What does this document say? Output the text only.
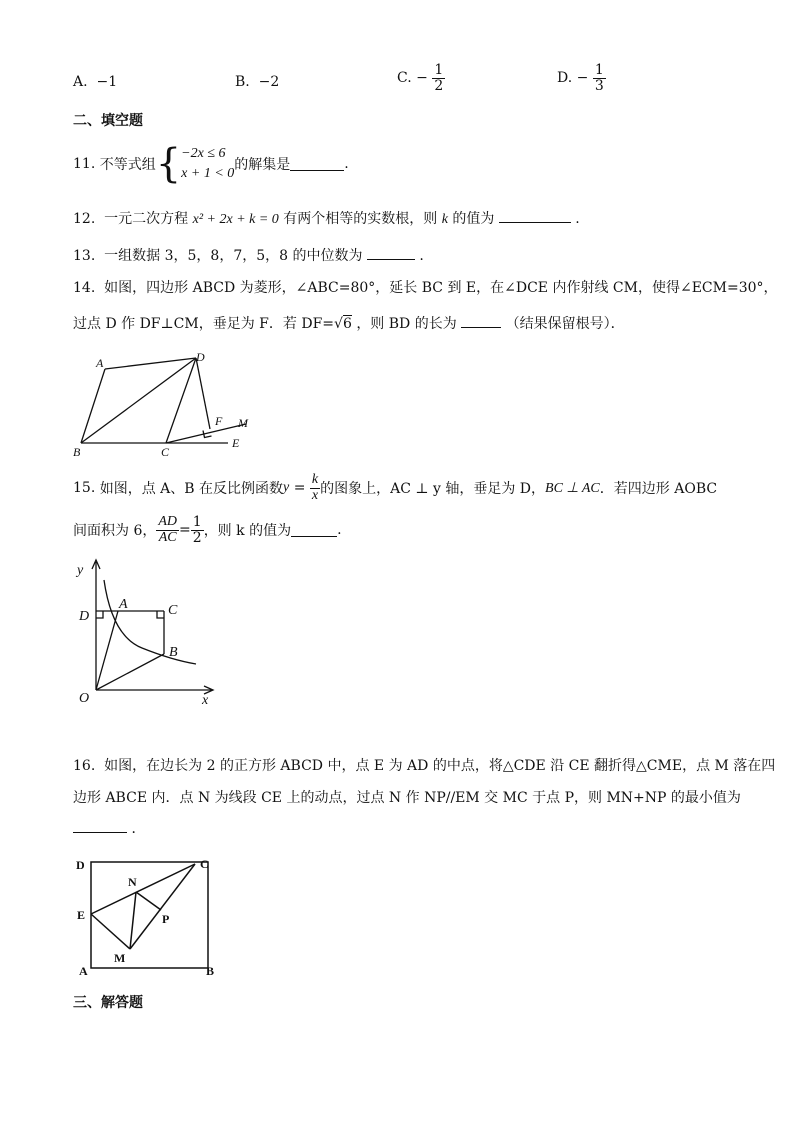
A. −1	B. −2	C. − $\frac{1}{2}$	D. − $\frac{1}{3}$
二、填空题
11.
不等式组 { −2x ≤ 6
x + 1 < 0
的解集是	.
12. 一元二次方程 x² + 2x + k = 0 有两个相等的实数根，则 k 的值为	.
13. 一组数据 3，5，8，7，5，8 的中位数为	.
14. 如图，四边形 ABCD 为菱形，∠ABC=80°，延长 BC 到 E，在∠DCE 内作射线 CM，使得∠ECM=30°，
过点 D 作 DF⊥CM，垂足为 F．若 DF=√6 ，则 BD 的长为	（结果保留根号）．
A	D
B	C
F M
E
15.
如图，点 A、B 在反比例函数 $y = \frac{k}{x}$ 的图象上， AC ⊥ y 轴，垂足为 D， BC ⊥ AC ．若四边形 AOBC
间面积为 6， $\frac{AD}{AC} = \frac{1}{2}$ ，则 k 的值为	.
y
x
O
D
A	C
B
16. 如图，在边长为 2 的正方形 ABCD 中，点 E 为 AD 的中点，将△CDE 沿 CE 翻折得△CME，点 M 落在四
边形 ABCE 内．点 N 为线段 CE 上的动点，过点 N 作 NP//EM 交 MC 于点 P，则 MN+NP 的最小值为
．
D	C
N
E	P
M
A	B
三、解答题
